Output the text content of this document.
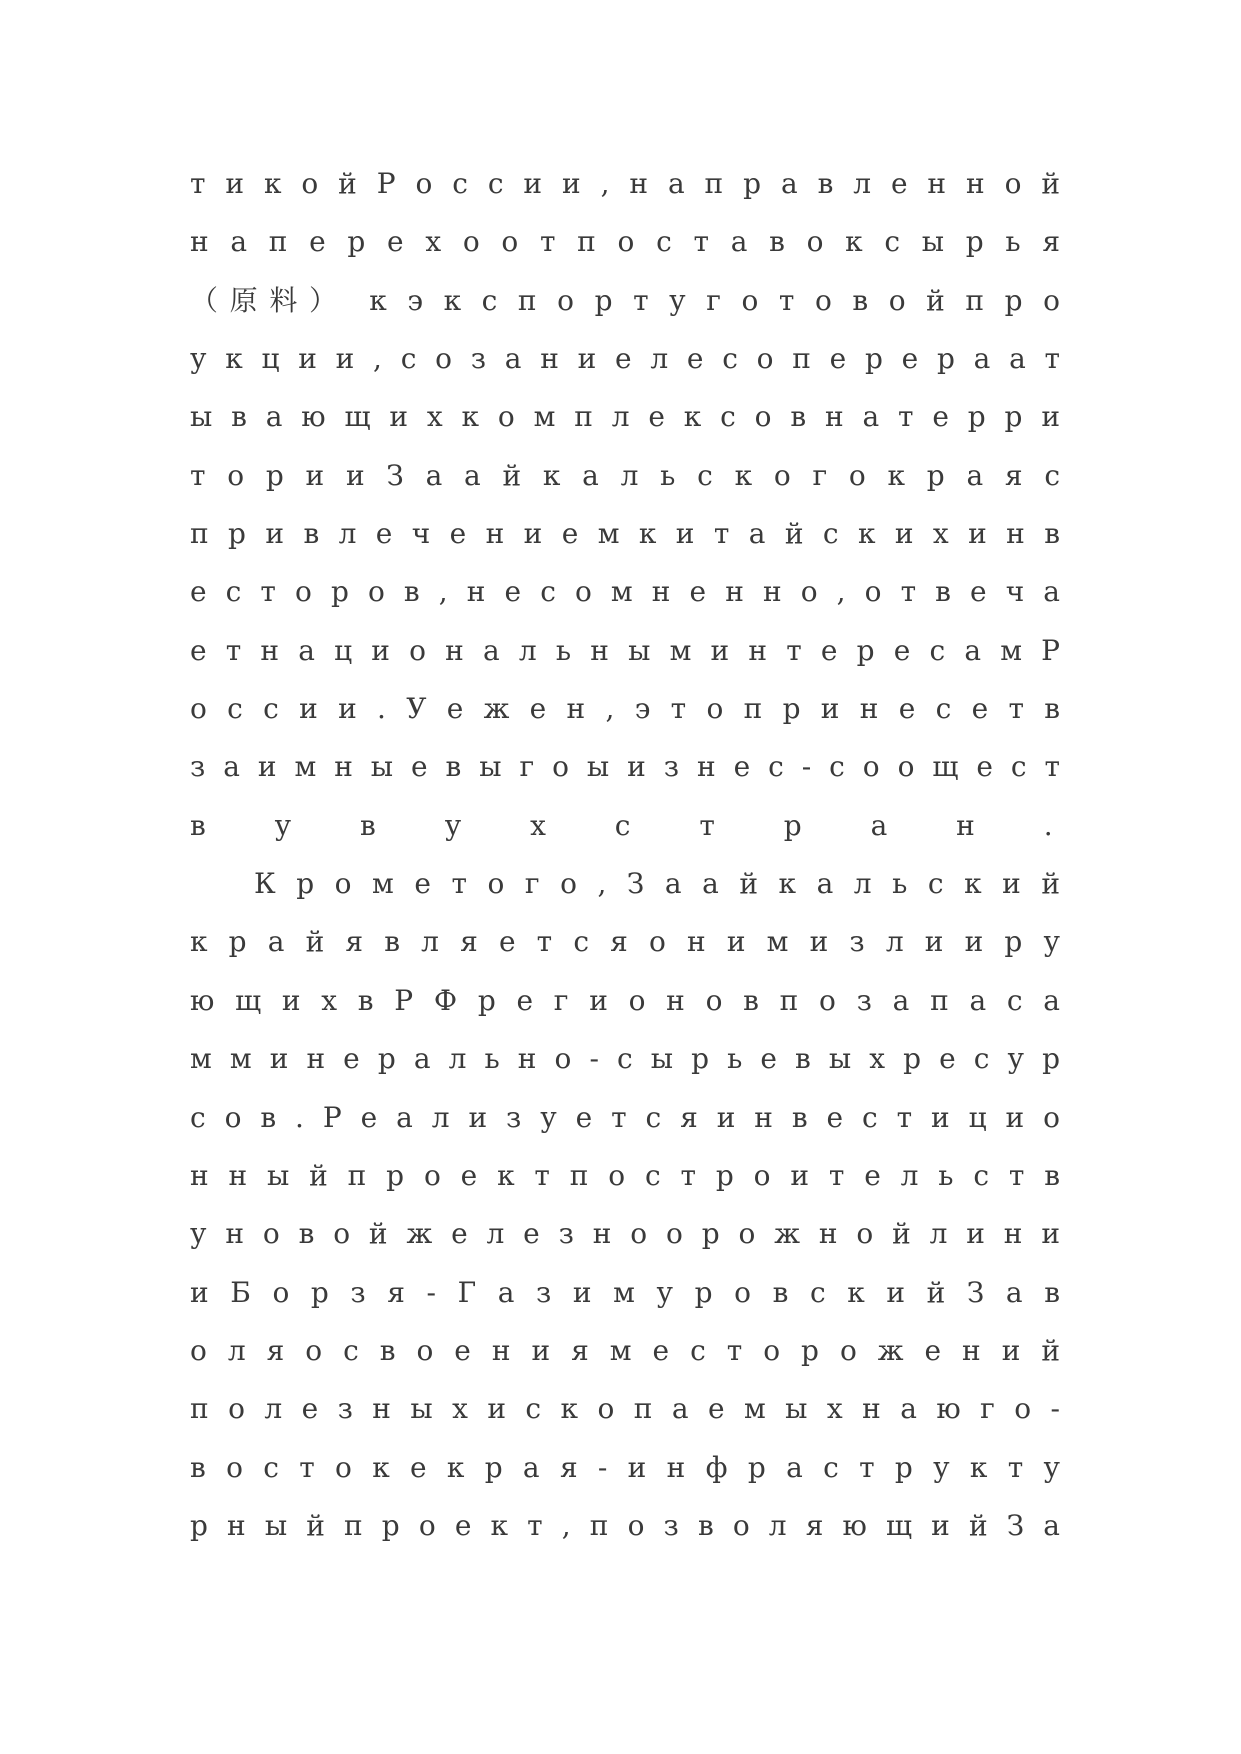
т и к о й Р о с с и и , н а п р а в л е н н о й
н а п е р е х о о т п о с т а в о к с ы р ь я
（原料） к э к с п о р т у г о т о в о й п р о
у к ц и и , с о з а н и е л е с о п е р е р а а т
ы в а ю щ и х к о м п л е к с о в н а т е р р и
т о р и и З а а й к а л ь с к о г о к р а я с
п р и в л е ч е н и е м к и т а й с к и х и н в
е с т о р о в , н е с о м н е н н о , о т в е ч а
е т н а ц и о н а л ь н ы м и н т е р е с а м Р
о с с и и . У е ж е н , э т о п р и н е с е т в
з а и м н ы е в ы г о ы и з н е с - с о о щ е с т
в у в у х с т р а н .
К р о м е т о г о , З а а й к а л ь с к и й
к р а й я в л я е т с я о н и м и з л и и р у
ю щ и х в Р Ф р е г и о н о в п о з а п а с а
м м и н е р а л ь н о - с ы р ь е в ы х р е с у р
с о в . Р е а л и з у е т с я и н в е с т и ц и о
н н ы й п р о е к т п о с т р о и т е л ь с т в
у н о в о й ж е л е з н о о р о ж н о й л и н и
и Б о р з я - Г а з и м у р о в с к и й З а в
о л я о с в о е н и я м е с т о р о ж е н и й
п о л е з н ы х и с к о п а е м ы х н а ю г о -
в о с т о к е к р а я - и н ф р а с т р у к т у
р н ы й п р о е к т , п о з в о л я ю щ и й З а
